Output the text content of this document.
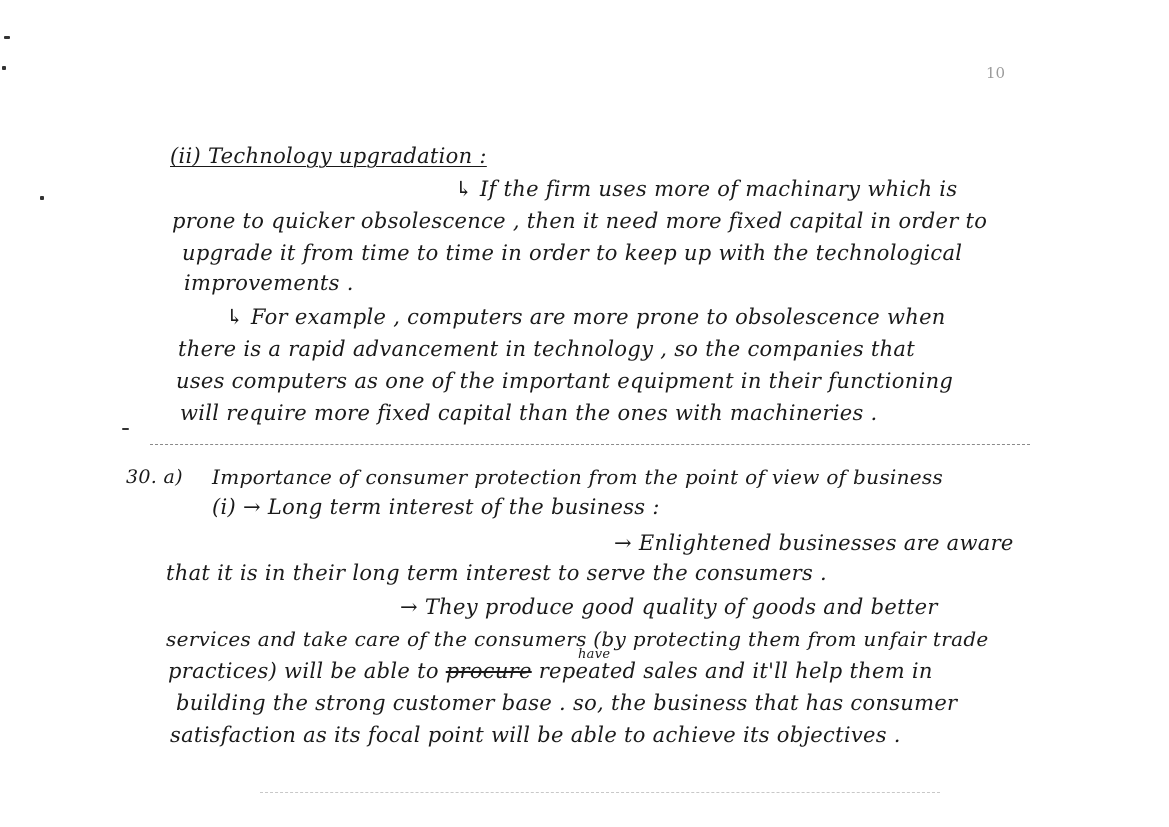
10
(ii) Technology upgradation :
↳ If the firm uses more of machinary which is
prone to quicker obsolescence , then it need more fixed capital in order to
upgrade it from time to time in order to keep up with the technological
improvements .
↳ For example , computers are more prone to obsolescence when
there is a rapid advancement in technology , so the companies that
uses computers as one of the important equipment in their functioning
will require more fixed capital than the ones with machineries .
30. a) Importance of consumer protection from the point of view of business
(i) → Long term interest of the business :
→ Enlightened businesses are aware
that it is in their long term interest to serve the consumers .
→ They produce good quality of goods and better
services and take care of the consumers (by protecting them from unfair trade
practices) will be able to procure repeated sales and it'll help them in
have
building the strong customer base . so, the business that has consumer
satisfaction as its focal point will be able to achieve its objectives .
